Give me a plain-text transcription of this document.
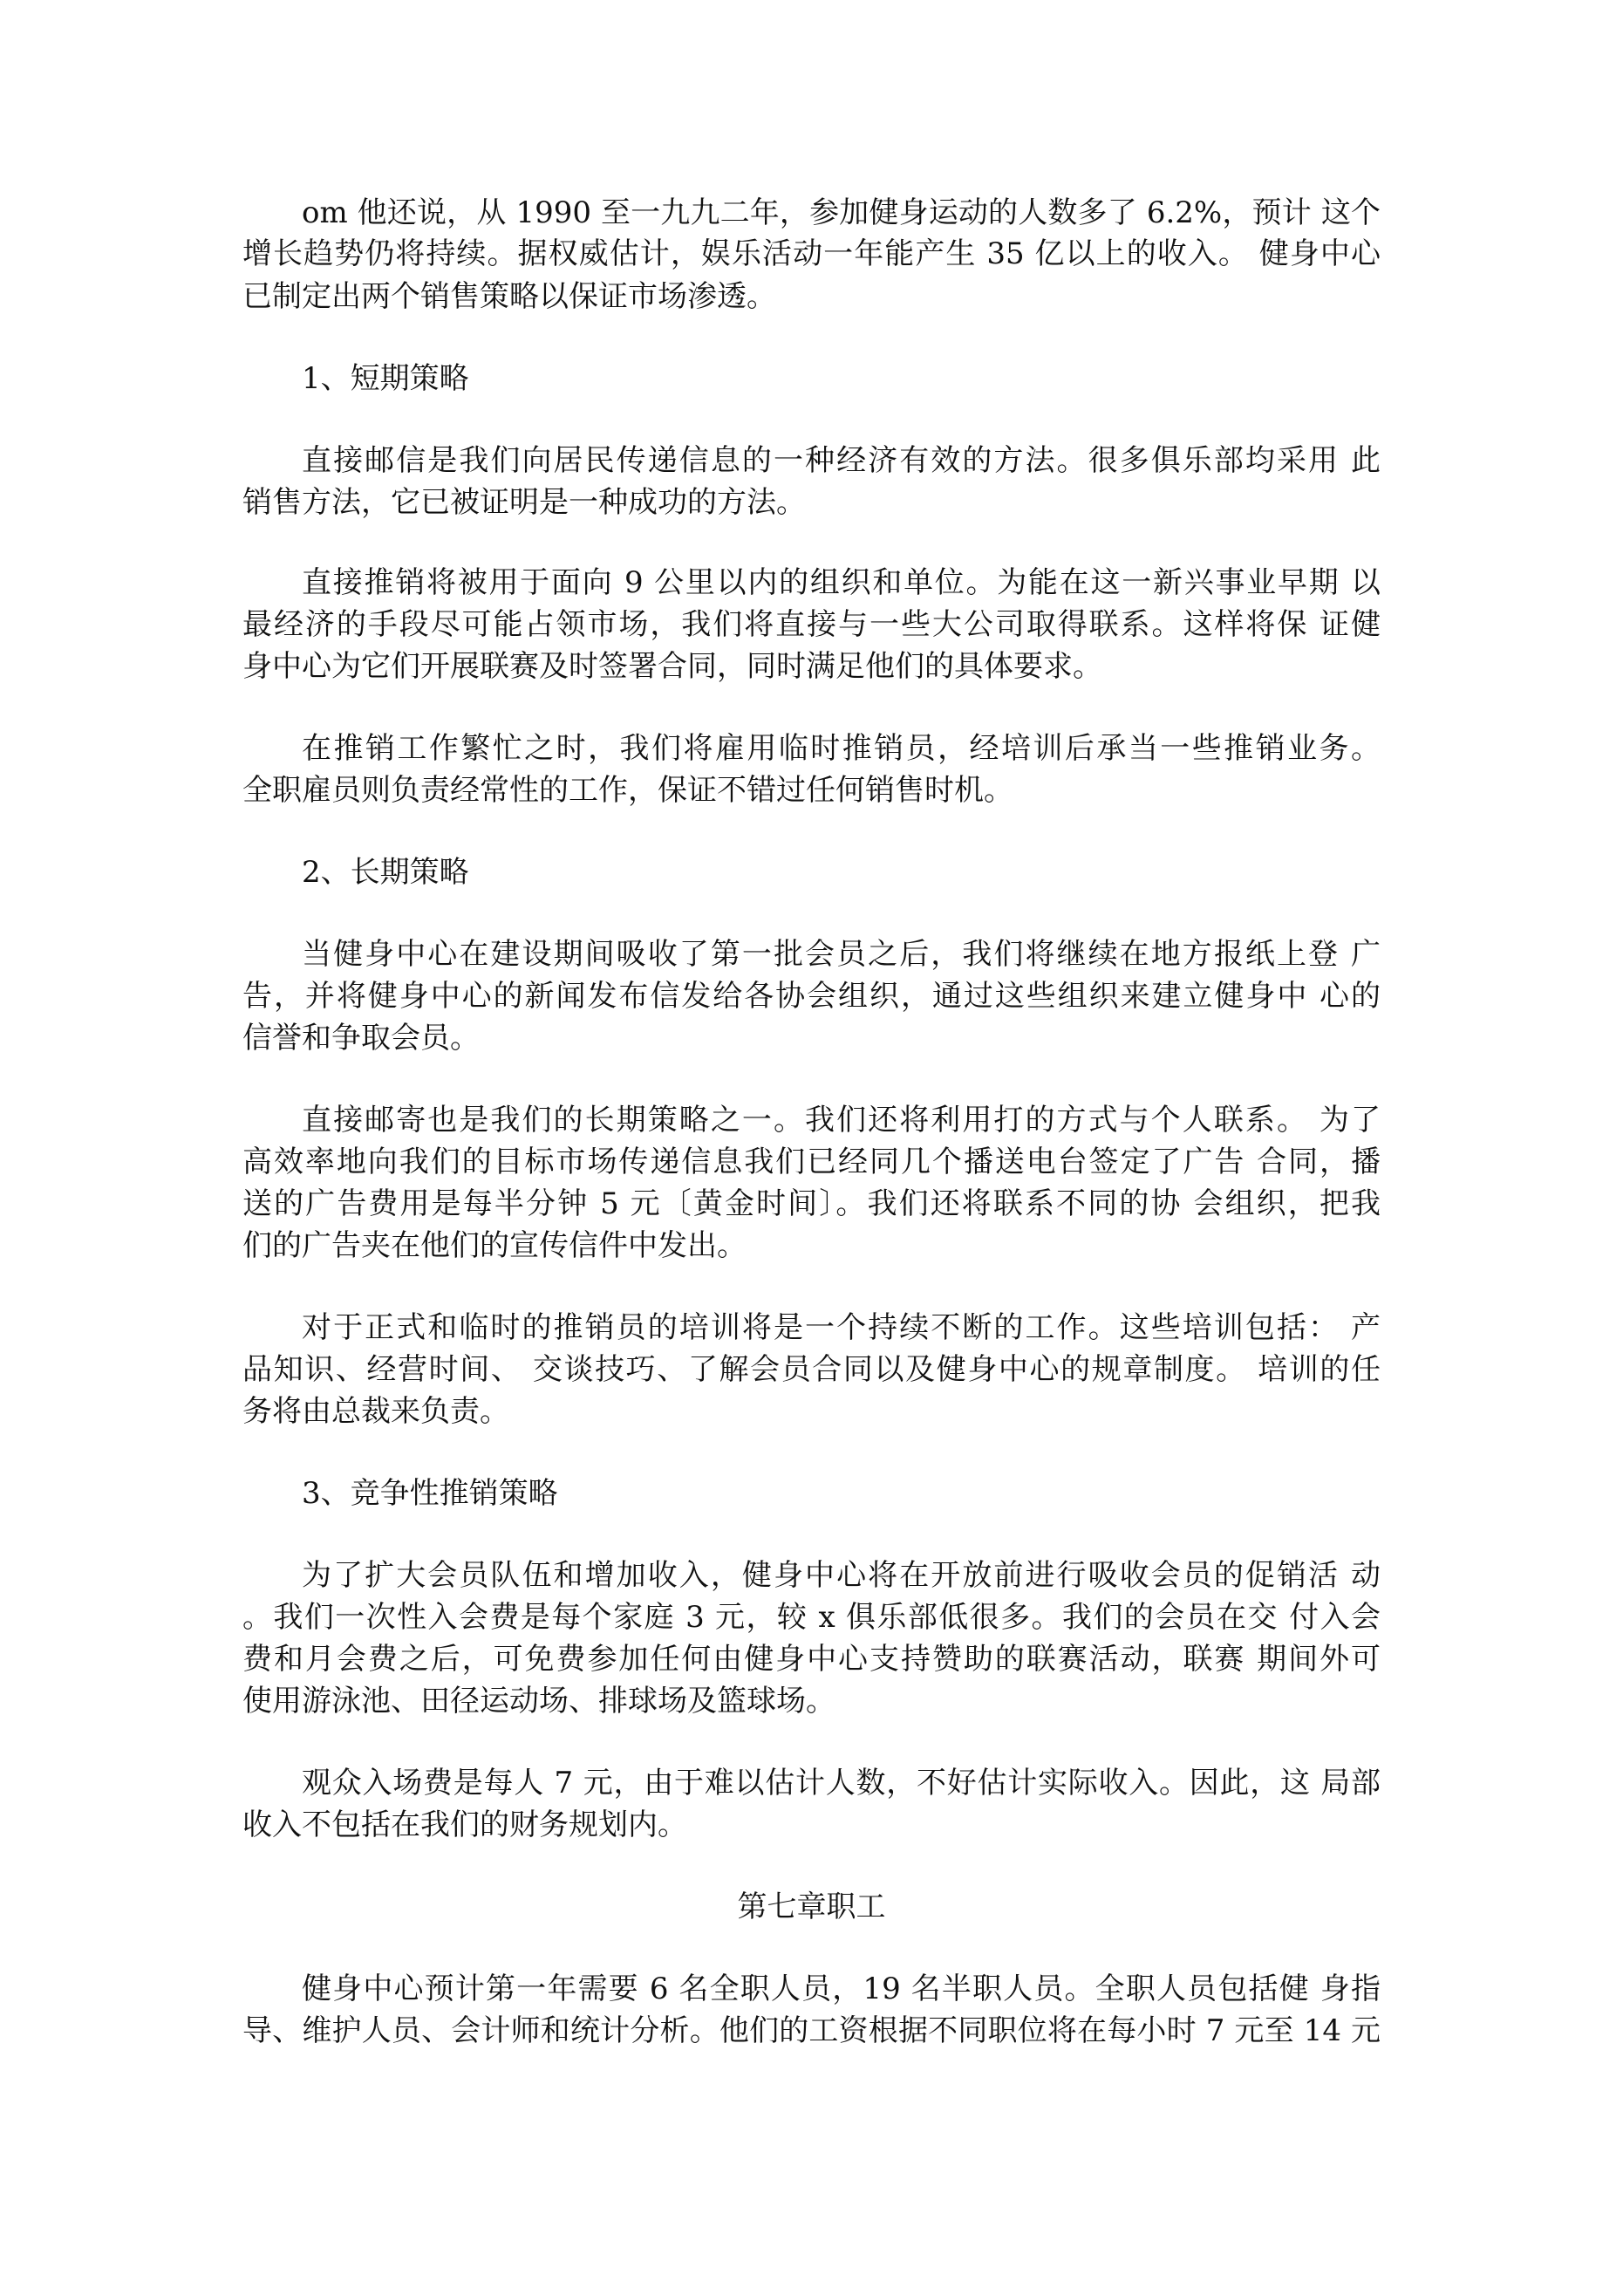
om 他还说，从 1990 至一九九二年，参加健身运动的人数多了 6.2%，预计 这个
增长趋势仍将持续。据权威估计，娱乐活动一年能产生 35 亿以上的收入。 健身中心
已制定出两个销售策略以保证市场渗透。
1、短期策略
直接邮信是我们向居民传递信息的一种经济有效的方法。很多俱乐部均采用 此
销售方法，它已被证明是一种成功的方法。
直接推销将被用于面向 9 公里以内的组织和单位。为能在这一新兴事业早期 以
最经济的手段尽可能占领市场，我们将直接与一些大公司取得联系。这样将保 证健
身中心为它们开展联赛及时签署合同，同时满足他们的具体要求。
在推销工作繁忙之时，我们将雇用临时推销员，经培训后承当一些推销业务。
全职雇员则负责经常性的工作，保证不错过任何销售时机。
2、长期策略
当健身中心在建设期间吸收了第一批会员之后，我们将继续在地方报纸上登 广
告，并将健身中心的新闻发布信发给各协会组织，通过这些组织来建立健身中 心的
信誉和争取会员。
直接邮寄也是我们的长期策略之一。我们还将利用打的方式与个人联系。 为了
高效率地向我们的目标市场传递信息我们已经同几个播送电台签定了广告 合同，播
送的广告费用是每半分钟 5 元〔黄金时间〕。我们还将联系不同的协 会组织，把我
们的广告夹在他们的宣传信件中发出。
对于正式和临时的推销员的培训将是一个持续不断的工作。这些培训包括： 产
品知识、经营时间、 交谈技巧、了解会员合同以及健身中心的规章制度。 培训的任
务将由总裁来负责。
3、竞争性推销策略
为了扩大会员队伍和增加收入，健身中心将在开放前进行吸收会员的促销活 动
。我们一次性入会费是每个家庭 3 元，较 x 俱乐部低很多。我们的会员在交 付入会
费和月会费之后，可免费参加任何由健身中心支持赞助的联赛活动，联赛 期间外可
使用游泳池、田径运动场、排球场及篮球场。
观众入场费是每人 7 元，由于难以估计人数，不好估计实际收入。因此，这 局部
收入不包括在我们的财务规划内。
第七章职工
健身中心预计第一年需要 6 名全职人员，19 名半职人员。全职人员包括健 身指
导、维护人员、会计师和统计分析。他们的工资根据不同职位将在每小时 7 元至 14 元
